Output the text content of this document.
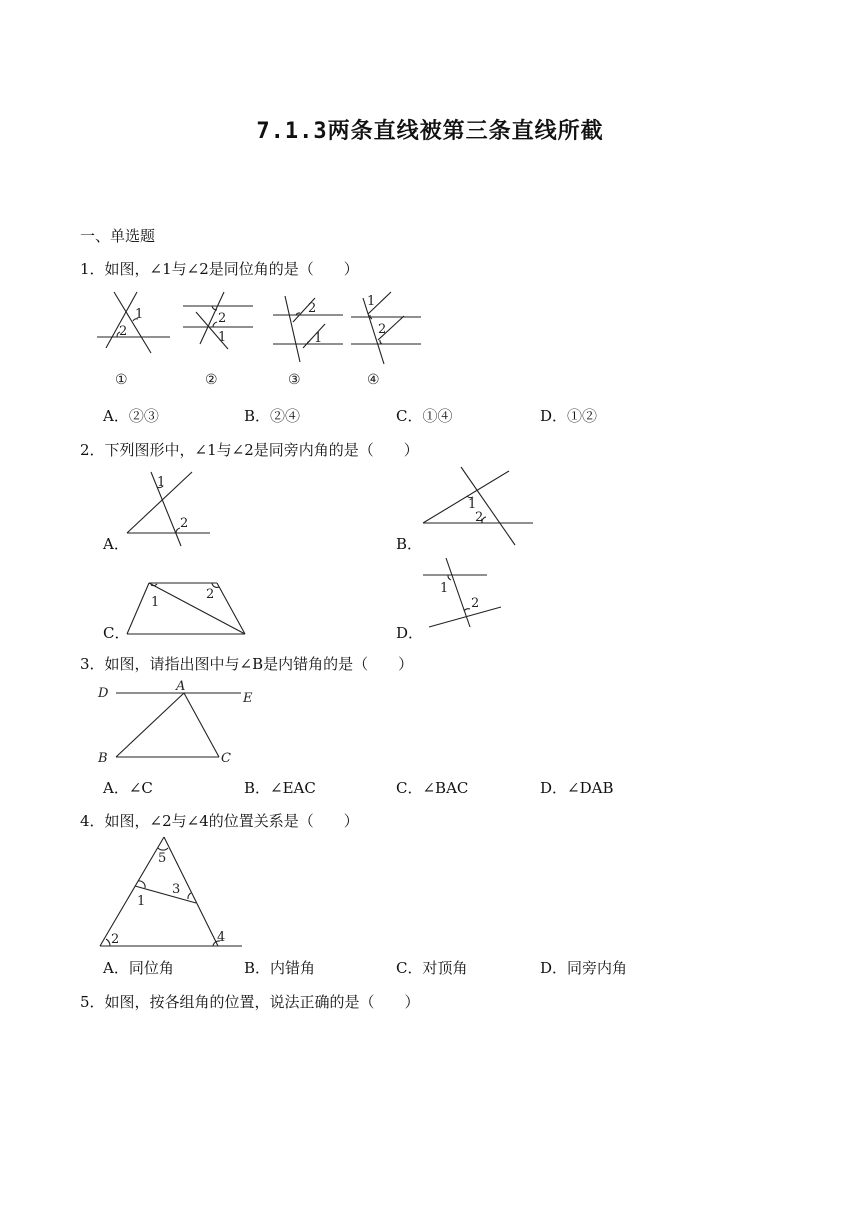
7.1.3两条直线被第三条直线所截
一、单选题
1．如图，∠1与∠2是同位角的是（　　）
1
2
①
2
1
②
2
1
③
1
2
④
A．②③	B．②④	C．①④	D．①②
2．下列图形中，∠1与∠2是同旁内角的是（　　）
A．
1
2
B．
1
2
C．
1
2
D．
1
2
3．如图，请指出图中与∠B是内错角的是（　　）
D	A
E
B	C
A．∠C	B．∠EAC	C．∠BAC	D．∠DAB
4．如图，∠2与∠4的位置关系是（　　）
5
1
3
2	4
A．同位角	B．内错角	C．对顶角	D．同旁内角
5．如图，按各组角的位置，说法正确的是（　　）
